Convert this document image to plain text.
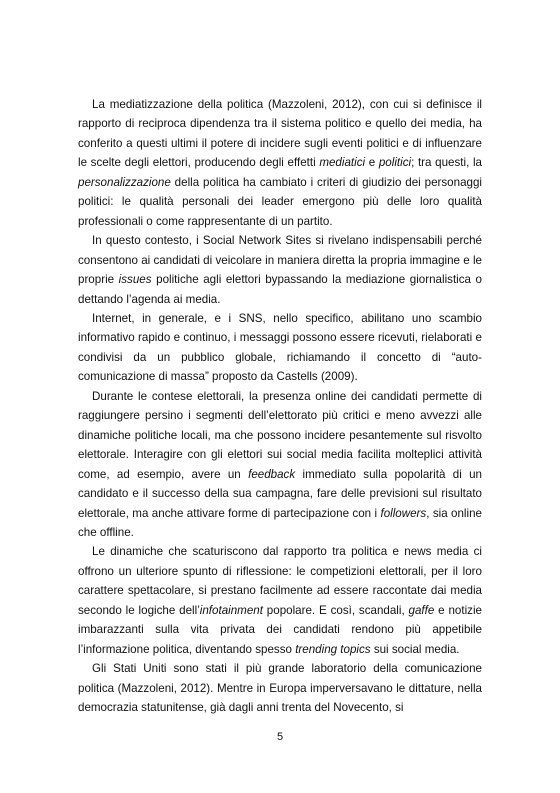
La mediatizzazione della politica (Mazzoleni, 2012), con cui si definisce il rapporto di reciproca dipendenza tra il sistema politico e quello dei media, ha conferito a questi ultimi il potere di incidere sugli eventi politici e di influenzare le scelte degli elettori, producendo degli effetti mediatici e politici; tra questi, la personalizzazione della politica ha cambiato i criteri di giudizio dei personaggi politici: le qualità personali dei leader emergono più delle loro qualità professionali o come rappresentante di un partito.

In questo contesto, i Social Network Sites si rivelano indispensabili perché consentono ai candidati di veicolare in maniera diretta la propria immagine e le proprie issues politiche agli elettori bypassando la mediazione giornalistica o dettando l’agenda ai media.

Internet, in generale, e i SNS, nello specifico, abilitano uno scambio informativo rapido e continuo, i messaggi possono essere ricevuti, rielaborati e condivisi da un pubblico globale, richiamando il concetto di “auto-comunicazione di massa” proposto da Castells (2009).

Durante le contese elettorali, la presenza online dei candidati permette di raggiungere persino i segmenti dell’elettorato più critici e meno avvezzi alle dinamiche politiche locali, ma che possono incidere pesantemente sul risvolto elettorale. Interagire con gli elettori sui social media facilita molteplici attività come, ad esempio, avere un feedback immediato sulla popolarità di un candidato e il successo della sua campagna, fare delle previsioni sul risultato elettorale, ma anche attivare forme di partecipazione con i followers, sia online che offline.

Le dinamiche che scaturiscono dal rapporto tra politica e news media ci offrono un ulteriore spunto di riflessione: le competizioni elettorali, per il loro carattere spettacolare, si prestano facilmente ad essere raccontate dai media secondo le logiche dell’infotainment popolare. E così, scandali, gaffe e notizie imbarazzanti sulla vita privata dei candidati rendono più appetibile l’informazione politica, diventando spesso trending topics sui social media.

Gli Stati Uniti sono stati il più grande laboratorio della comunicazione politica (Mazzoleni, 2012). Mentre in Europa imperversavano le dittature, nella democrazia statunitense, già dagli anni trenta del Novecento, si

5
